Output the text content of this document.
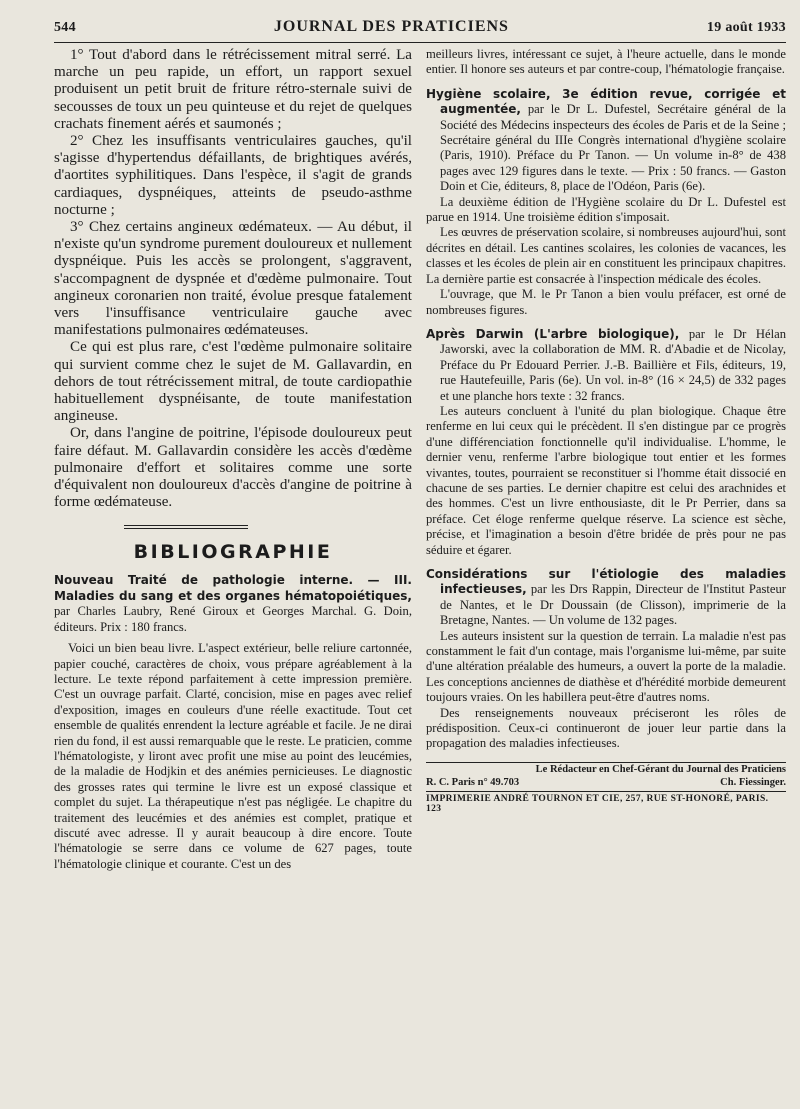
544	JOURNAL DES PRATICIENS	19 août 1933

1° Tout d'abord dans le rétrécissement mitral serré. La marche un peu rapide, un effort, un rapport sexuel produisent un petit bruit de friture rétro-sternale suivi de secousses de toux un peu quinteuse et du rejet de quelques crachats finement aérés et saumonés ;

2° Chez les insuffisants ventriculaires gauches, qu'il s'agisse d'hypertendus défaillants, de brightiques avérés, d'aortites syphilitiques. Dans l'espèce, il s'agit de grands cardiaques, dyspnéiques, atteints de pseudo-asthme nocturne ;

3° Chez certains angineux œdémateux. — Au début, il n'existe qu'un syndrome purement douloureux et nullement dyspnéique. Puis les accès se prolongent, s'aggravent, s'accompagnent de dyspnée et d'œdème pulmonaire. Tout angineux coronarien non traité, évolue presque fatalement vers l'insuffisance ventriculaire gauche avec manifestations pulmonaires œdémateuses.

Ce qui est plus rare, c'est l'œdème pulmonaire solitaire qui survient comme chez le sujet de M. Gallavardin, en dehors de tout rétrécissement mitral, de toute cardiopathie habituellement dyspnéisante, de toute manifestation angineuse.

Or, dans l'angine de poitrine, l'épisode douloureux peut faire défaut. M. Gallavardin considère les accès d'œdème pulmonaire d'effort et solitaires comme une sorte d'équivalent non douloureux d'accès d'angine de poitrine à forme œdémateuse.

BIBLIOGRAPHIE

Nouveau Traité de pathologie interne. — III. Maladies du sang et des organes hématopoiétiques, par Charles Laubry, René Giroux et Georges Marchal. G. Doin, éditeurs. Prix : 180 francs.

Voici un bien beau livre. L'aspect extérieur, belle reliure cartonnée, papier couché, caractères de choix, vous prépare agréablement à la lecture. Le texte répond parfaitement à cette impression première. C'est un ouvrage parfait. Clarté, concision, mise en pages avec relief d'exposition, images en couleurs d'une réelle exactitude. Tout cet ensemble de qualités enrendent la lecture agréable et facile. Je ne dirai rien du fond, il est aussi remarquable que le reste. Le praticien, comme l'hématologiste, y liront avec profit une mise au point des leucémies, de la maladie de Hodjkin et des anémies pernicieuses. Le diagnostic des grosses rates qui termine le livre est un exposé classique et complet du sujet. La thérapeutique n'est pas négligée. Le chapitre du traitement des leucémies et des anémies est complet, pratique et discuté avec adresse. Il y aurait beaucoup à dire encore. Toute l'hématologie se serre dans ce volume de 627 pages, toute l'hématologie clinique et courante. C'est un des

meilleurs livres, intéressant ce sujet, à l'heure actuelle, dans le monde entier. Il honore ses auteurs et par contre-coup, l'hématologie française.

Hygiène scolaire, 3e édition revue, corrigée et augmentée, par le Dr L. Dufestel, Secrétaire général de la Société des Médecins inspecteurs des écoles de Paris et de la Seine ; Secrétaire général du IIIe Congrès international d'hygiène scolaire (Paris, 1910). Préface du Pr Tanon. — Un volume in-8° de 438 pages avec 129 figures dans le texte. — Prix : 50 francs. — Gaston Doin et Cie, éditeurs, 8, place de l'Odéon, Paris (6e).

La deuxième édition de l'Hygiène scolaire du Dr L. Dufestel est parue en 1914. Une troisième édition s'imposait.

Les œuvres de préservation scolaire, si nombreuses aujourd'hui, sont décrites en détail. Les cantines scolaires, les colonies de vacances, les classes et les écoles de plein air en constituent les principaux chapitres. La dernière partie est consacrée à l'inspection médicale des écoles.

L'ouvrage, que M. le Pr Tanon a bien voulu préfacer, est orné de nombreuses figures.

Après Darwin (L'arbre biologique), par le Dr Hélan Jaworski, avec la collaboration de MM. R. d'Abadie et de Nicolay, Préface du Pr Edouard Perrier. J.-B. Baillière et Fils, éditeurs, 19, rue Hautefeuille, Paris (6e). Un vol. in-8° (16 × 24,5) de 332 pages et une planche hors texte : 32 francs.

Les auteurs concluent à l'unité du plan biologique. Chaque être renferme en lui ceux qui le précèdent. Il s'en distingue par ce progrès d'une différenciation fonctionnelle qu'il individualise. L'homme, le dernier venu, renferme l'arbre biologique tout entier et les formes vivantes, toutes, pourraient se reconstituer si l'homme était dissocié en chacune de ses parties. Le dernier chapitre est celui des arachnides et des hommes. C'est un livre enthousiaste, dit le Pr Perrier, dans sa préface. Cet éloge renferme quelque réserve. La science est sèche, précise, et l'imagination a besoin d'être bridée de près pour ne pas séduire et égarer.

Considérations sur l'étiologie des maladies infectieuses, par les Drs Rappin, Directeur de l'Institut Pasteur de Nantes, et le Dr Doussain (de Clisson), imprimerie de la Bretagne, Nantes. — Un volume de 132 pages.

Les auteurs insistent sur la question de terrain. La maladie n'est pas constamment le fait d'un contage, mais l'organisme lui-même, par suite d'une altération préalable des humeurs, a ouvert la porte de la maladie. Les conceptions anciennes de diathèse et d'hérédité morbide demeurent toujours vraies. On les habillera peut-être d'autres noms.

Des renseignements nouveaux préciseront les rôles de prédisposition. Ceux-ci continueront de jouer leur partie dans la propagation des maladies infectieuses.

Le Rédacteur en Chef-Gérant du Journal des Praticiens
R. C. Paris n° 49.703	Ch. Fiessinger.
IMPRIMERIE ANDRÉ TOURNON ET CIE, 257, RUE ST-HONORÉ, PARIS. 123
